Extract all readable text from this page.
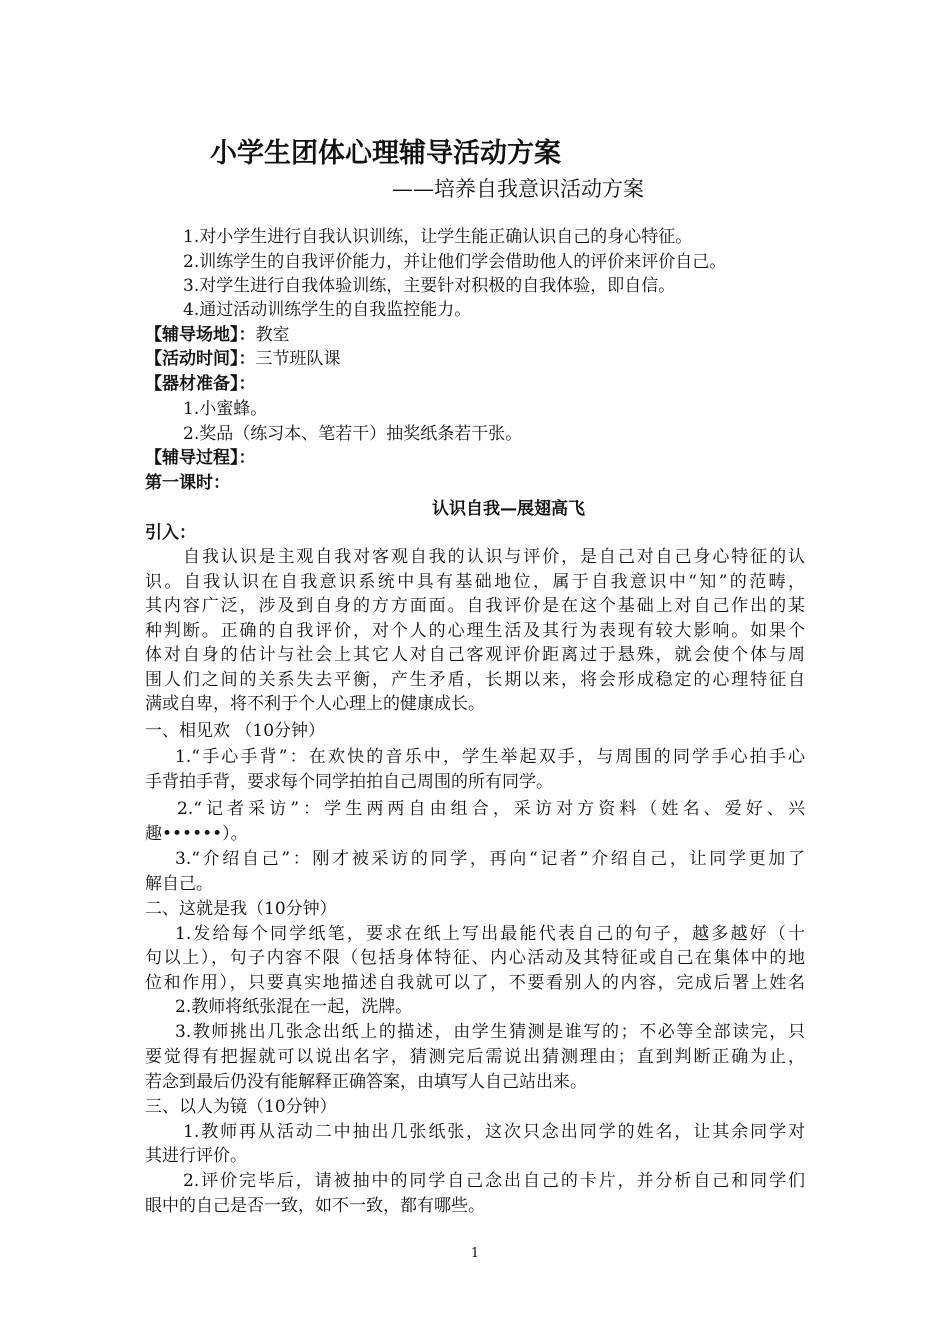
小学生团体心理辅导活动方案
——培养自我意识活动方案
1.对小学生进行自我认识训练，让学生能正确认识自己的身心特征。
2.训练学生的自我评价能力，并让他们学会借助他人的评价来评价自己。
3.对学生进行自我体验训练，主要针对积极的自我体验，即自信。
4.通过活动训练学生的自我监控能力。
【辅导场地】：教室
【活动时间】：三节班队课
【器材准备】：
1.小蜜蜂。
2.奖品（练习本、笔若干）抽奖纸条若干张。
【辅导过程】：
第一课时：
认识自我—展翅高飞
引入：
自我认识是主观自我对客观自我的认识与评价，是自己对自己身心特征的认
识。自我认识在自我意识系统中具有基础地位，属于自我意识中“知”的范畴，
其内容广泛，涉及到自身的方方面面。自我评价是在这个基础上对自己作出的某
种判断。正确的自我评价，对个人的心理生活及其行为表现有较大影响。如果个
体对自身的估计与社会上其它人对自己客观评价距离过于悬殊，就会使个体与周
围人们之间的关系失去平衡，产生矛盾，长期以来，将会形成稳定的心理特征自
满或自卑，将不利于个人心理上的健康成长。
一、相见欢 （10分钟）
1.“手心手背”：在欢快的音乐中，学生举起双手，与周围的同学手心拍手心
手背拍手背，要求每个同学拍拍自己周围的所有同学。
2.“记者采访”：学生两两自由组合，采访对方资料（姓名、爱好、兴
趣••••••）。
3.“介绍自己”：刚才被采访的同学，再向“记者”介绍自己，让同学更加了
解自己。
二、这就是我（10分钟）
1.发给每个同学纸笔，要求在纸上写出最能代表自己的句子，越多越好（十
句以上），句子内容不限（包括身体特征、内心活动及其特征或自己在集体中的地
位和作用），只要真实地描述自我就可以了，不要看别人的内容，完成后署上姓名
2.教师将纸张混在一起，洗牌。
3.教师挑出几张念出纸上的描述，由学生猜测是谁写的；不必等全部读完，只
要觉得有把握就可以说出名字，猜测完后需说出猜测理由；直到判断正确为止，
若念到最后仍没有能解释正确答案，由填写人自己站出来。
三、以人为镜（10分钟）
1.教师再从活动二中抽出几张纸张，这次只念出同学的姓名，让其余同学对
其进行评价。
2.评价完毕后，请被抽中的同学自己念出自己的卡片，并分析自己和同学们
眼中的自己是否一致，如不一致，都有哪些。
1
